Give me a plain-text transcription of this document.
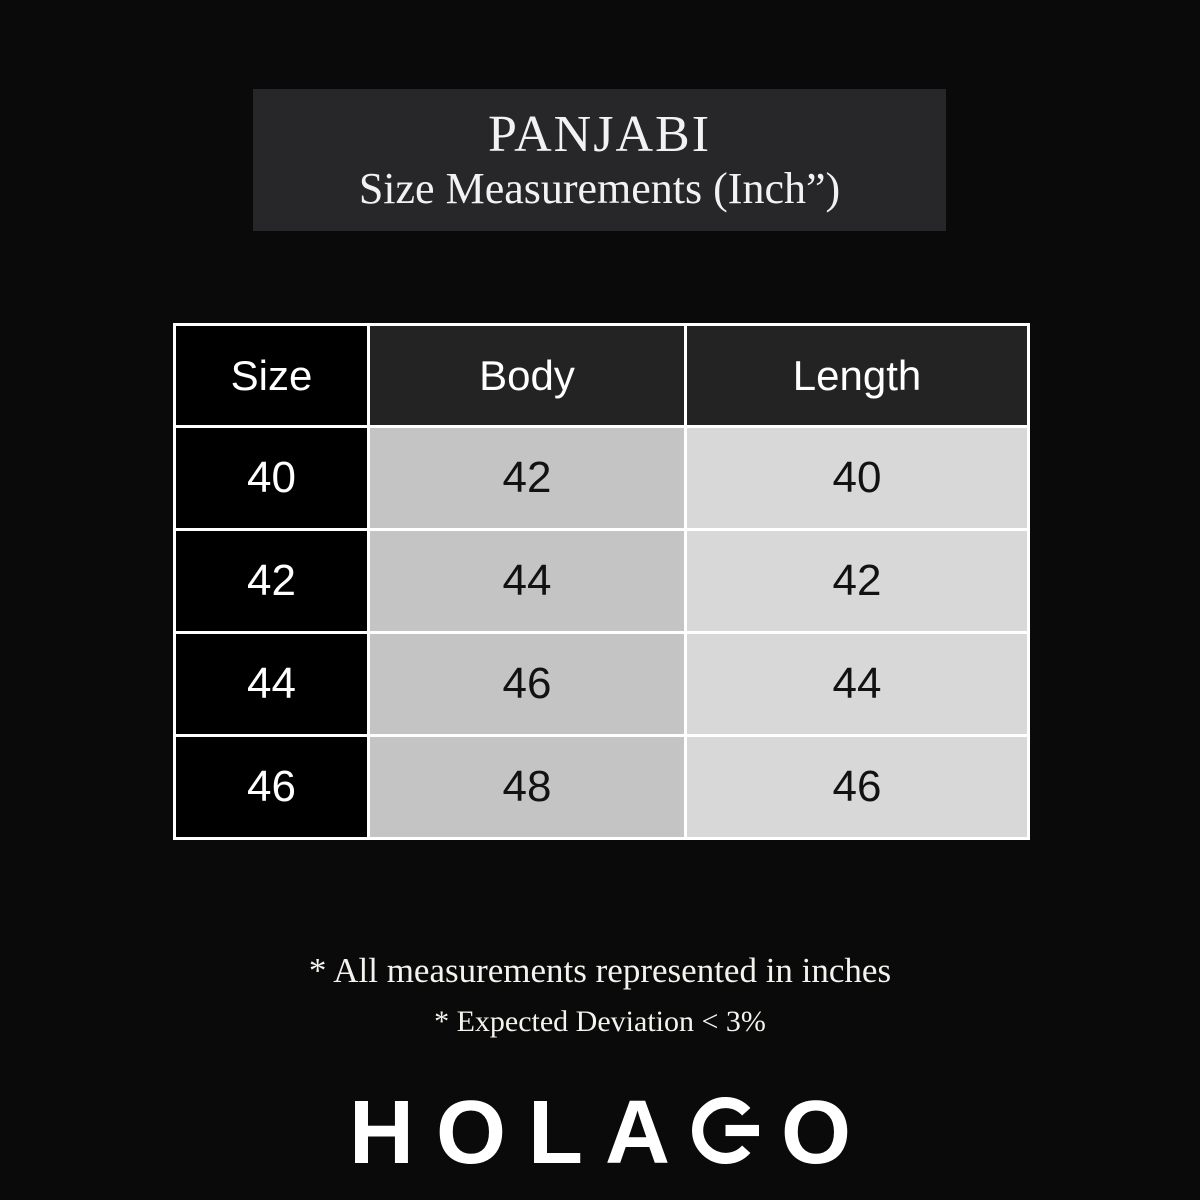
PANJABI
Size Measurements (Inch”)
Size	Body	Length
40	42	40
42	44	42
44	46	44
46	48	46

* All measurements represented in inches

* Expected Deviation < 3%

HOLA O
